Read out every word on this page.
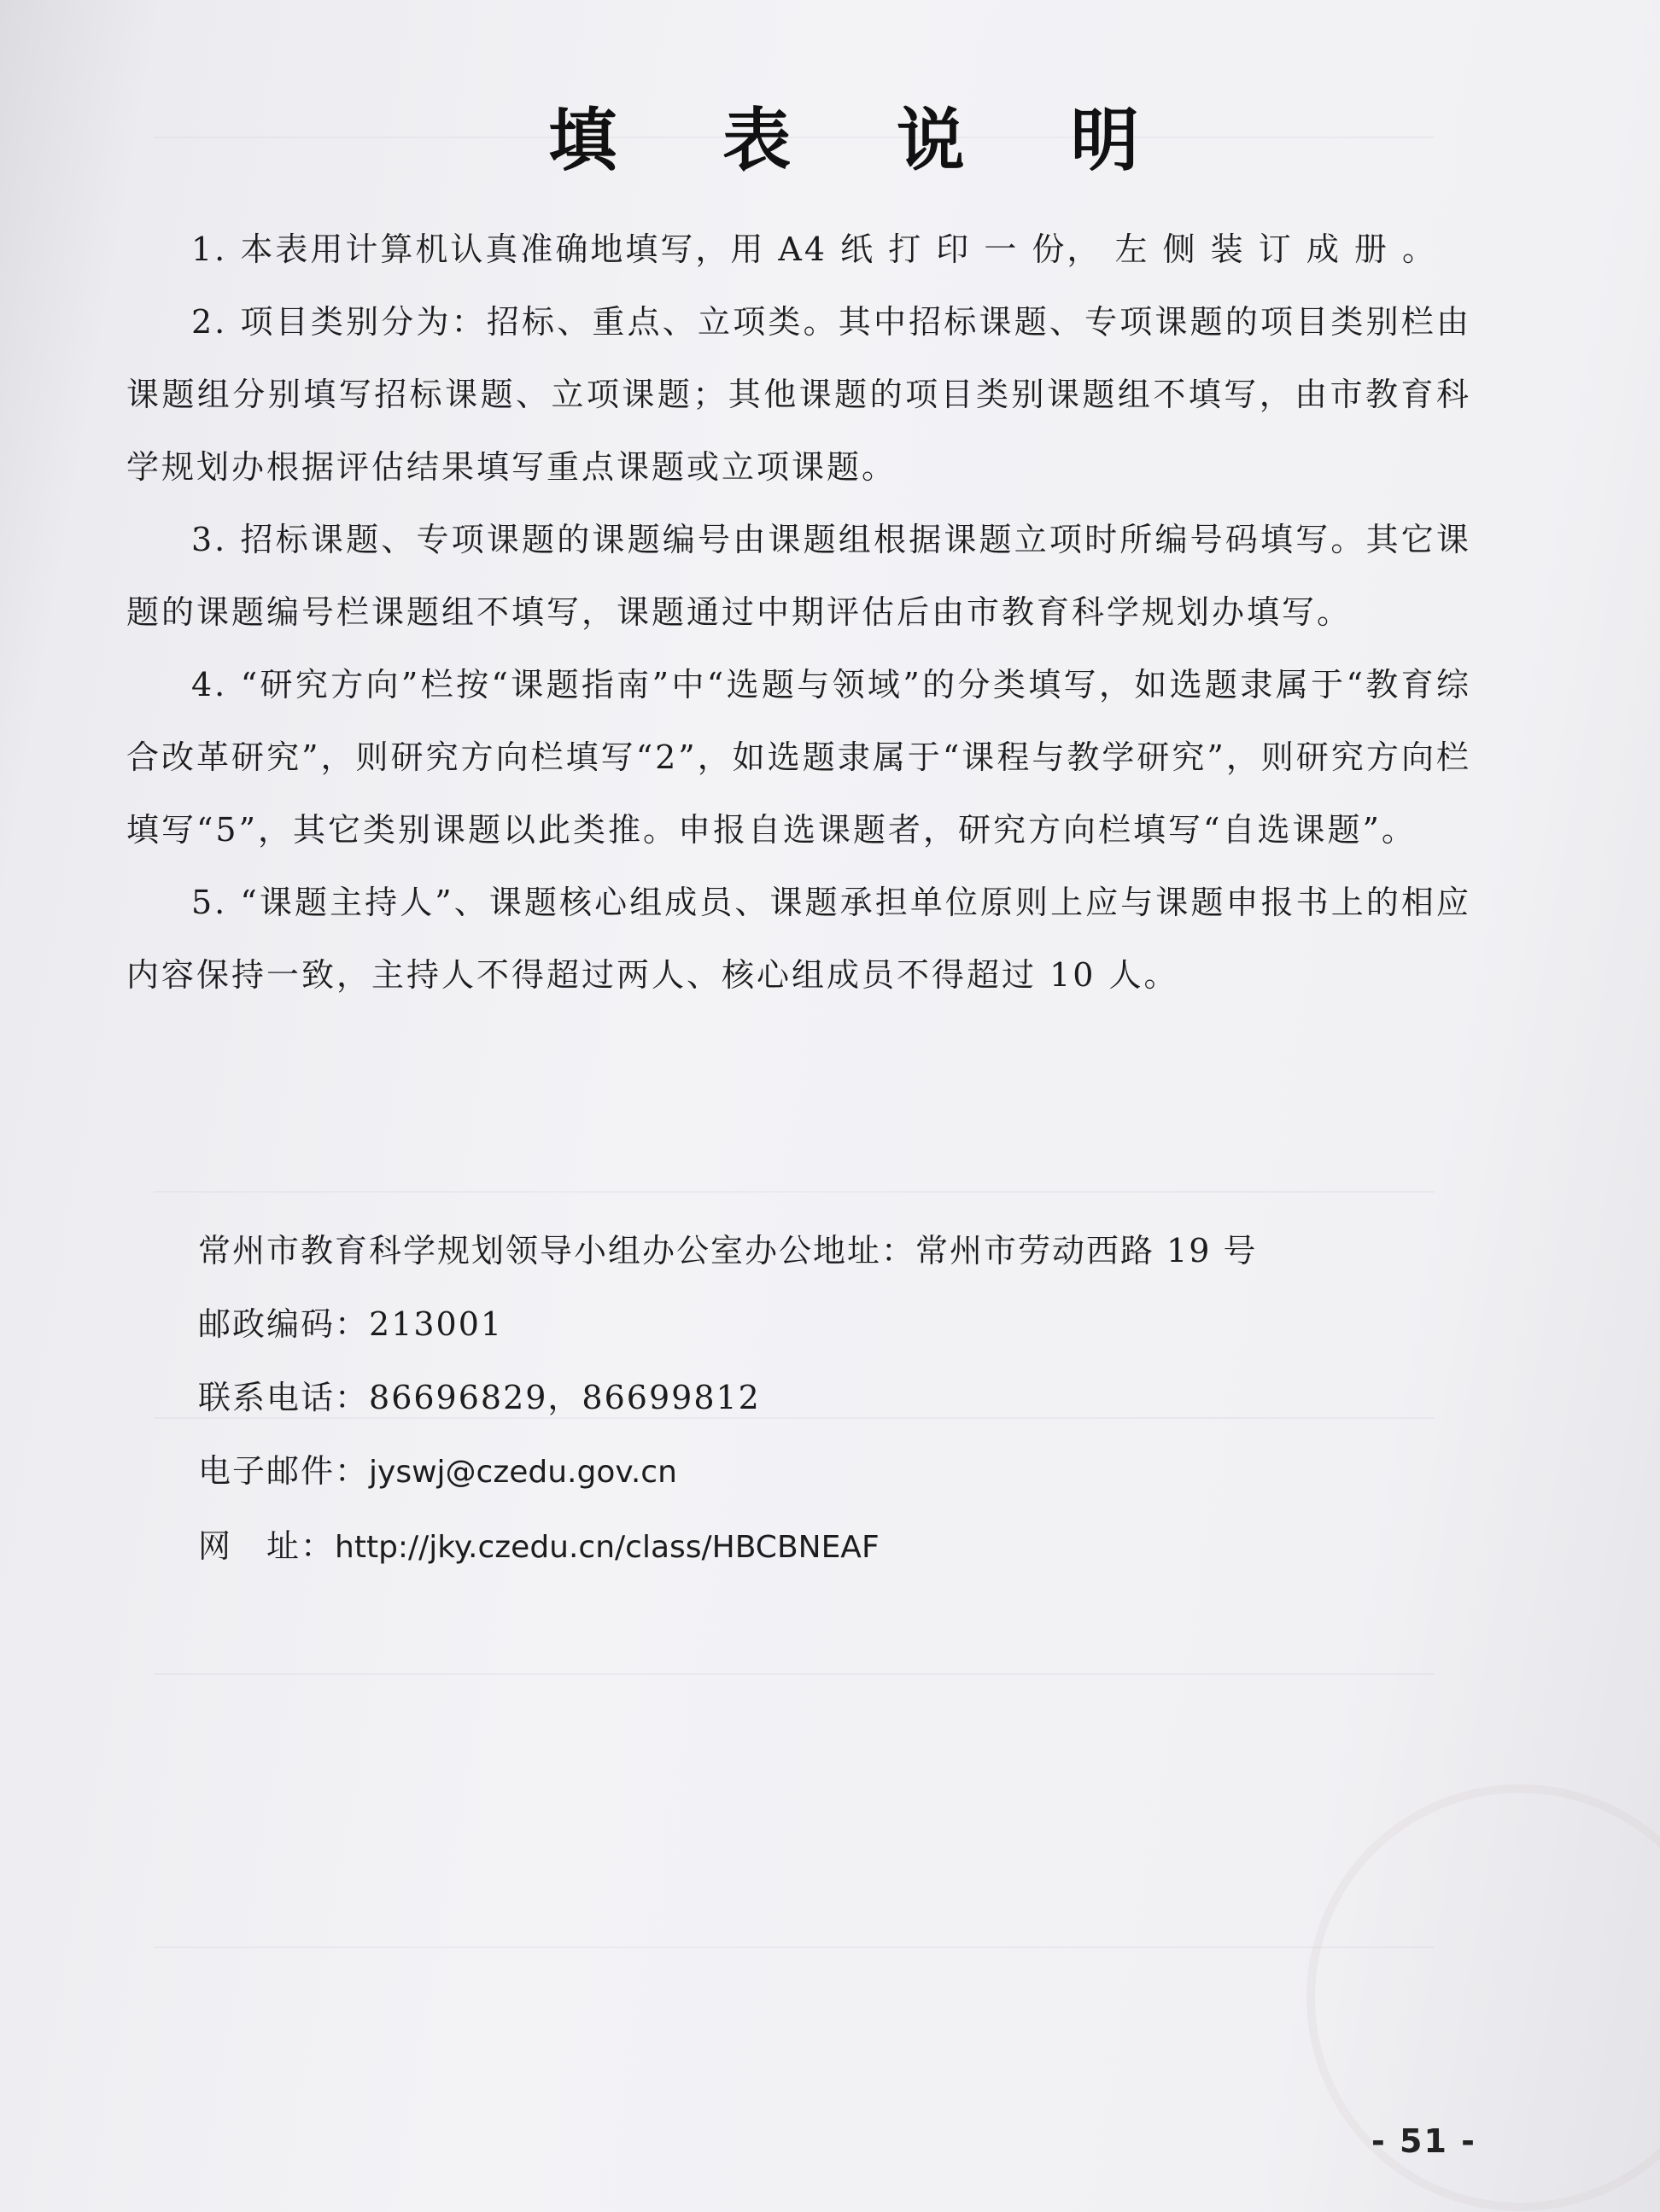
填 表 说 明

1. 本表用计算机认真准确地填写，用 A4 纸 打 印 一 份， 左 侧 装 订 成 册 。

2. 项目类别分为：招标、重点、立项类。其中招标课题、专项课题的项目类别栏由课题组分别填写招标课题、立项课题；其他课题的项目类别课题组不填写，由市教育科学规划办根据评估结果填写重点课题或立项课题。

3. 招标课题、专项课题的课题编号由课题组根据课题立项时所编号码填写。其它课题的课题编号栏课题组不填写，课题通过中期评估后由市教育科学规划办填写。

4. “研究方向”栏按“课题指南”中“选题与领域”的分类填写，如选题隶属于“教育综合改革研究”，则研究方向栏填写“2”，如选题隶属于“课程与教学研究”，则研究方向栏填写“5”，其它类别课题以此类推。申报自选课题者，研究方向栏填写“自选课题”。

5. “课题主持人”、课题核心组成员、课题承担单位原则上应与课题申报书上的相应内容保持一致，主持人不得超过两人、核心组成员不得超过 10 人。

常州市教育科学规划领导小组办公室办公地址：常州市劳动西路 19 号
邮政编码：213001
联系电话：86696829，86699812
电子邮件：jyswj@czedu.gov.cn
网　址：http://jky.czedu.cn/class/HBCBNEAF
- 51 -
